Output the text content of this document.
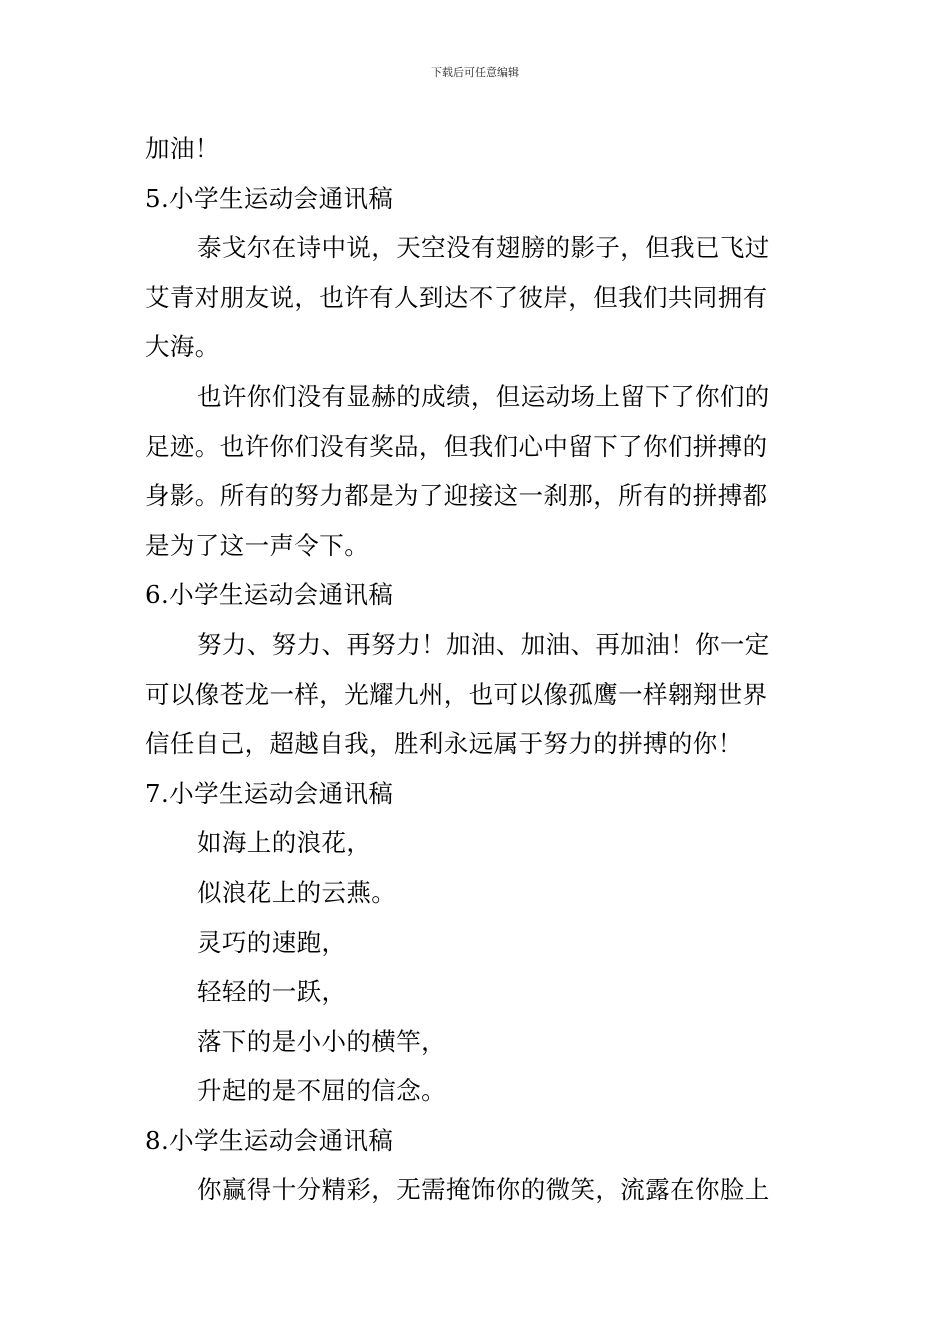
下载后可任意编辑
加油！
5.小学生运动会通讯稿
泰戈尔在诗中说，天空没有翅膀的影子，但我已飞过
艾青对朋友说，也许有人到达不了彼岸，但我们共同拥有
大海。
也许你们没有显赫的成绩，但运动场上留下了你们的
足迹。也许你们没有奖品，但我们心中留下了你们拼搏的
身影。所有的努力都是为了迎接这一刹那，所有的拼搏都
是为了这一声令下。
6.小学生运动会通讯稿
努力、努力、再努力！加油、加油、再加油！你一定
可以像苍龙一样，光耀九州，也可以像孤鹰一样翱翔世界
信任自己，超越自我，胜利永远属于努力的拼搏的你！
7.小学生运动会通讯稿
如海上的浪花，
似浪花上的云燕。
灵巧的速跑，
轻轻的一跃，
落下的是小小的横竿，
升起的是不屈的信念。
8.小学生运动会通讯稿
你赢得十分精彩，无需掩饰你的微笑，流露在你脸上
